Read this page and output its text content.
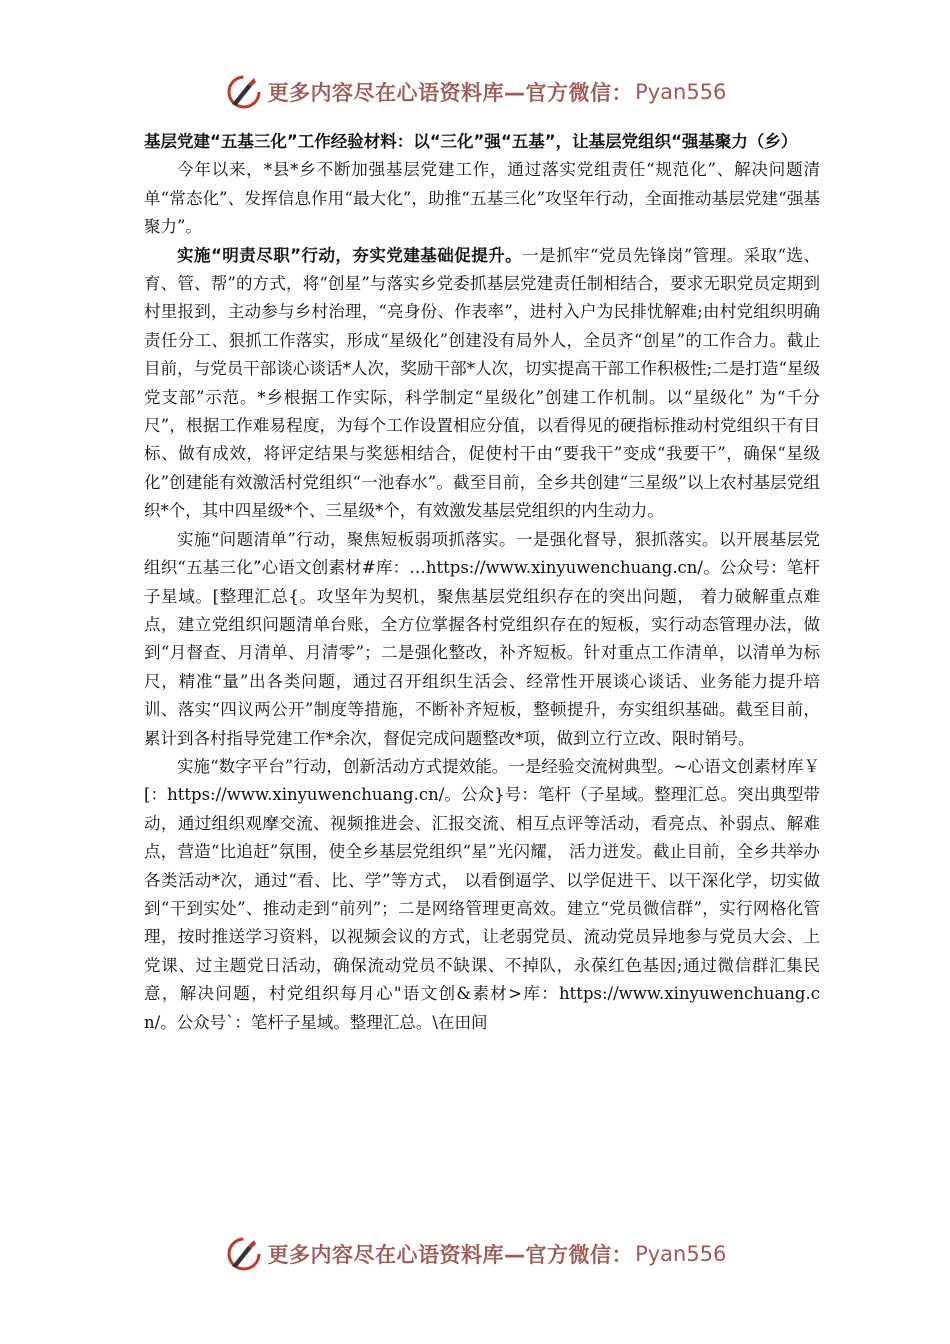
更多内容尽在心语资料库—官方微信： Pyan556

基层党建“五基三化”工作经验材料：以“三化”强“五基”，让基层党组织“强基聚力（乡）

今年以来，*县*乡不断加强基层党建工作，通过落实党组责任“规范化”、解决问题清单“常态化”、发挥信息作用“最大化”，助推“五基三化”攻坚年行动，全面推动基层党建“强基聚力”。

实施“明责尽职”行动，夯实党建基础促提升。一是抓牢“党员先锋岗”管理。采取“选、育、管、帮”的方式，将“创星”与落实乡党委抓基层党建责任制相结合，要求无职党员定期到村里报到，主动参与乡村治理，“亮身份、作表率”，进村入户为民排忧解难;由村党组织明确责任分工、狠抓工作落实，形成“星级化”创建没有局外人，全员齐“创星”的工作合力。截止目前，与党员干部谈心谈话*人次，奖励干部*人次，切实提高干部工作积极性;二是打造“星级党支部”示范。*乡根据工作实际，科学制定“星级化”创建工作机制。以“星级化” 为“千分尺”，根据工作难易程度，为每个工作设置相应分值，以看得见的硬指标推动村党组织干有目标、做有成效，将评定结果与奖惩相结合，促使村干由“要我干”变成“我要干”，确保“星级化”创建能有效激活村党组织“一池春水”。截至目前，全乡共创建“三星级”以上农村基层党组织*个，其中四星级*个、三星级*个，有效激发基层党组织的内生动力。

实施“问题清单”行动，聚焦短板弱项抓落实。一是强化督导，狠抓落实。以开展基层党组织“五基三化”心语文创素材#库：…https://www.xinyuwenchuang.cn/。公众号：笔杆子星域。[整理汇总{。攻坚年为契机，聚焦基层党组织存在的突出问题， 着力破解重点难点，建立党组织问题清单台账，全方位掌握各村党组织存在的短板，实行动态管理办法，做到“月督查、月清单、月清零”；二是强化整改，补齐短板。针对重点工作清单，以清单为标尺，精准“量”出各类问题，通过召开组织生活会、经常性开展谈心谈话、业务能力提升培训、落实“四议两公开”制度等措施，不断补齐短板，整顿提升，夯实组织基础。截至目前，累计到各村指导党建工作*余次，督促完成问题整改*项，做到立行立改、限时销号。

实施“数字平台”行动，创新活动方式提效能。一是经验交流树典型。~心语文创素材库￥[：https://www.xinyuwenchuang.cn/。公众}号：笔杆（子星域。整理汇总。突出典型带动，通过组织观摩交流、视频推进会、汇报交流、相互点评等活动，看亮点、补弱点、解难点，营造“比追赶”氛围，使全乡基层党组织“星”光闪耀， 活力迸发。截止目前，全乡共举办各类活动*次，通过“看、比、学”等方式， 以看倒逼学、以学促进干、以干深化学，切实做到“干到实处”、推动走到“前列”；二是网络管理更高效。建立“党员微信群”，实行网格化管理，按时推送学习资料，以视频会议的方式，让老弱党员、流动党员异地参与党员大会、上党课、过主题党日活动，确保流动党员不缺课、不掉队，永葆红色基因;通过微信群汇集民意，解决问题，村党组织每月心"语文创&素材>库：https://www.xinyuwenchuang.cn/。公众号`：笔杆子星域。整理汇总。\在田间

更多内容尽在心语资料库—官方微信： Pyan556
